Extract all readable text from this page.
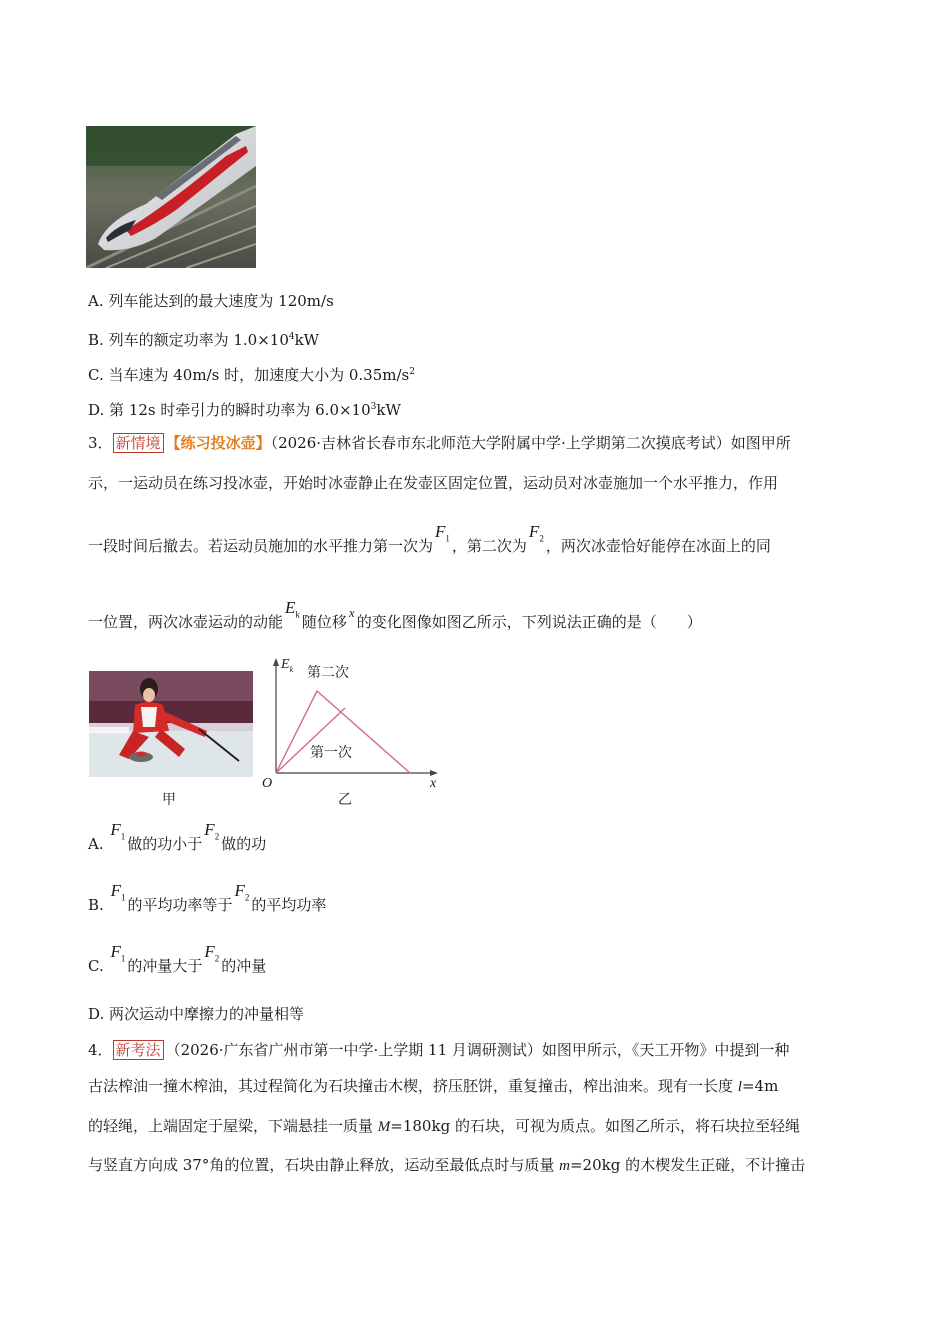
A. 列车能达到的最大速度为 120m/s
B. 列车的额定功率为 $1.0\times 10^4kW$
C. 当车速为 40m/s 时，加速度大小为 $0.35m/s^2$
D. 第 12s 时牵引力的瞬时功率为 $6.0\times 10^3kW$
3． 新情境 【练习投冰壶】（2026·吉林省长春市东北师范大学附属中学·上学期第二次摸底考试）如图甲所
示，一运动员在练习投冰壶，开始时冰壶静止在发壶区固定位置，运动员对冰壶施加一个水平推力，作用
一段时间后撤去。若运动员施加的水平推力第一次为$F_1$ ，第二次为$F_2$ ，两次冰壶恰好能停在冰面上的同
一位置，两次冰壶运动的动能$E_k$ 随位移x的变化图像如图乙所示，下列说法正确的是（　　）
甲
$E_k$ 第二次
第一次
O	x
乙
A. $F_1$ 做的功小于$F_2$ 做的功
B. $F_1$ 的平均功率等于$F_2$ 的平均功率
C. $F_1$ 的冲量大于$F_2$ 的冲量
D. 两次运动中摩擦力的冲量相等
4． 新考法 （2026·广东省广州市第一中学·上学期 11 月调研测试）如图甲所示，《天工开物》中提到一种
古法榨油一撞木榨油，其过程简化为石块撞击木楔，挤压胚饼，重复撞击，榨出油来。现有一长度 l=4m
的轻绳，上端固定于屋梁，下端悬挂一质量 M=180kg 的石块，可视为质点。如图乙所示，将石块拉至轻绳
与竖直方向成 37°角的位置，石块由静止释放，运动至最低点时与质量 m=20kg 的木楔发生正碰，不计撞击
